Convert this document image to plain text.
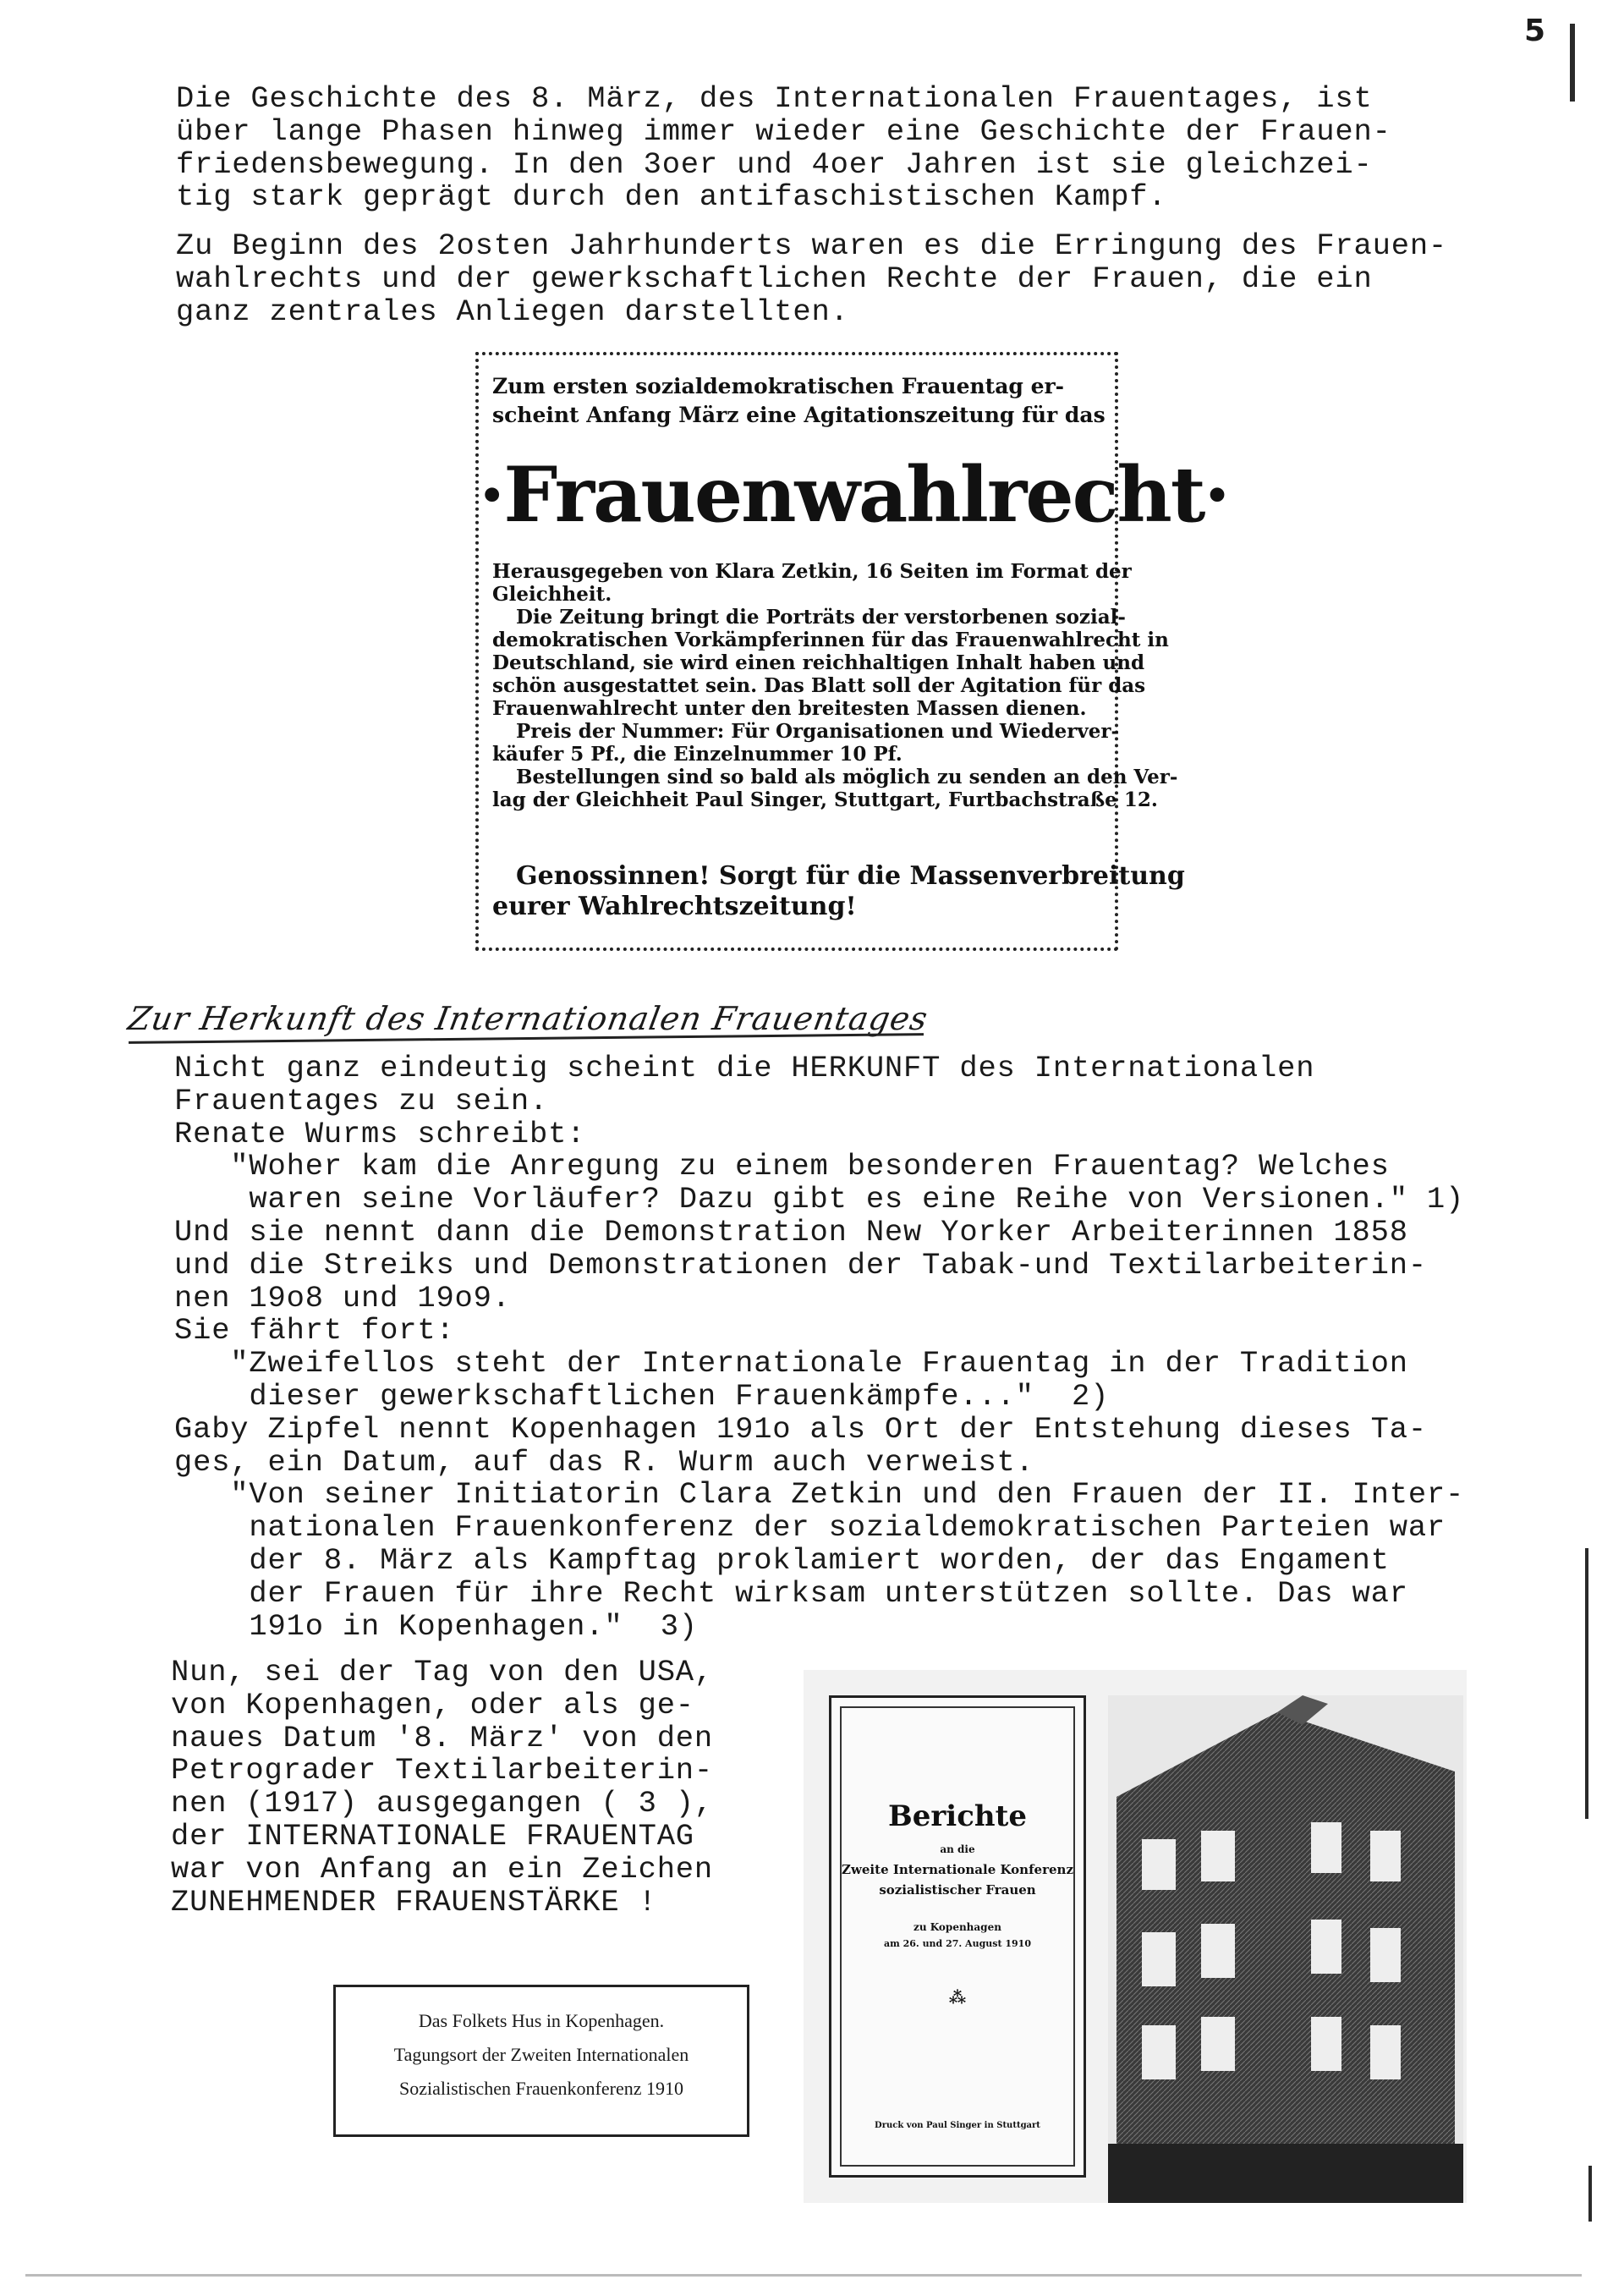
5

Die Geschichte des 8. März, des Internationalen Frauentages, ist
über lange Phasen hinweg immer wieder eine Geschichte der Frauen-
friedensbewegung. In den 3oer und 4oer Jahren ist sie gleichzei-
tig stark geprägt durch den antifaschistischen Kampf.

Zu Beginn des 2osten Jahrhunderts waren es die Erringung des Frauen-
wahlrechts und der gewerkschaftlichen Rechte der Frauen, die ein
ganz zentrales Anliegen darstellten.

Zum ersten sozialdemokratischen Frauentag er-
scheint Anfang März eine Agitationszeitung für das
·Frauenwahlrecht·
Herausgegeben von Klara Zetkin, 16 Seiten im Format der
Gleichheit.
Die Zeitung bringt die Porträts der verstorbenen sozial-
demokratischen Vorkämpferinnen für das Frauenwahlrecht in
Deutschland, sie wird einen reichhaltigen Inhalt haben und
schön ausgestattet sein. Das Blatt soll der Agitation für das
Frauenwahlrecht unter den breitesten Massen dienen.
Preis der Nummer: Für Organisationen und Wiederver-
käufer 5 Pf., die Einzelnummer 10 Pf.
Bestellungen sind so bald als möglich zu senden an den Ver-
lag der Gleichheit Paul Singer, Stuttgart, Furtbachstraße 12.
Genossinnen! Sorgt für die Massenverbreitung
eurer Wahlrechtszeitung!
Zur Herkunft des Internationalen Frauentages

Nicht ganz eindeutig scheint die HERKUNFT des Internationalen
Frauentages zu sein.
Renate Wurms schreibt:
"Woher kam die Anregung zu einem besonderen Frauentag? Welches
waren seine Vorläufer? Dazu gibt es eine Reihe von Versionen." 1)
Und sie nennt dann die Demonstration New Yorker Arbeiterinnen 1858
und die Streiks und Demonstrationen der Tabak-und Textilarbeiterin-
nen 19o8 und 19o9.
Sie fährt fort:
"Zweifellos steht der Internationale Frauentag in der Tradition
dieser gewerkschaftlichen Frauenkämpfe..."  2)
Gaby Zipfel nennt Kopenhagen 191o als Ort der Entstehung dieses Ta-
ges, ein Datum, auf das R. Wurm auch verweist.
"Von seiner Initiatorin Clara Zetkin und den Frauen der II. Inter-
nationalen Frauenkonferenz der sozialdemokratischen Parteien war
der 8. März als Kampftag proklamiert worden, der das Engament
der Frauen für ihre Recht wirksam unterstützen sollte. Das war
191o in Kopenhagen."  3)

Nun, sei der Tag von den USA,
von Kopenhagen, oder als ge-
naues Datum '8. März' von den
Petrograder Textilarbeiterin-
nen (1917) ausgegangen ( 3 ),
der INTERNATIONALE FRAUENTAG
war von Anfang an ein Zeichen
ZUNEHMENDER FRAUENSTÄRKE !

Das Folkets Hus in Kopenhagen.
Tagungsort der Zweiten Internationalen
Sozialistischen Frauenkonferenz 1910
Berichte
an die
Zweite Internationale Konferenz
sozialistischer Frauen
zu Kopenhagen
am 26. und 27. August 1910
⁂
Druck von Paul Singer in Stuttgart
